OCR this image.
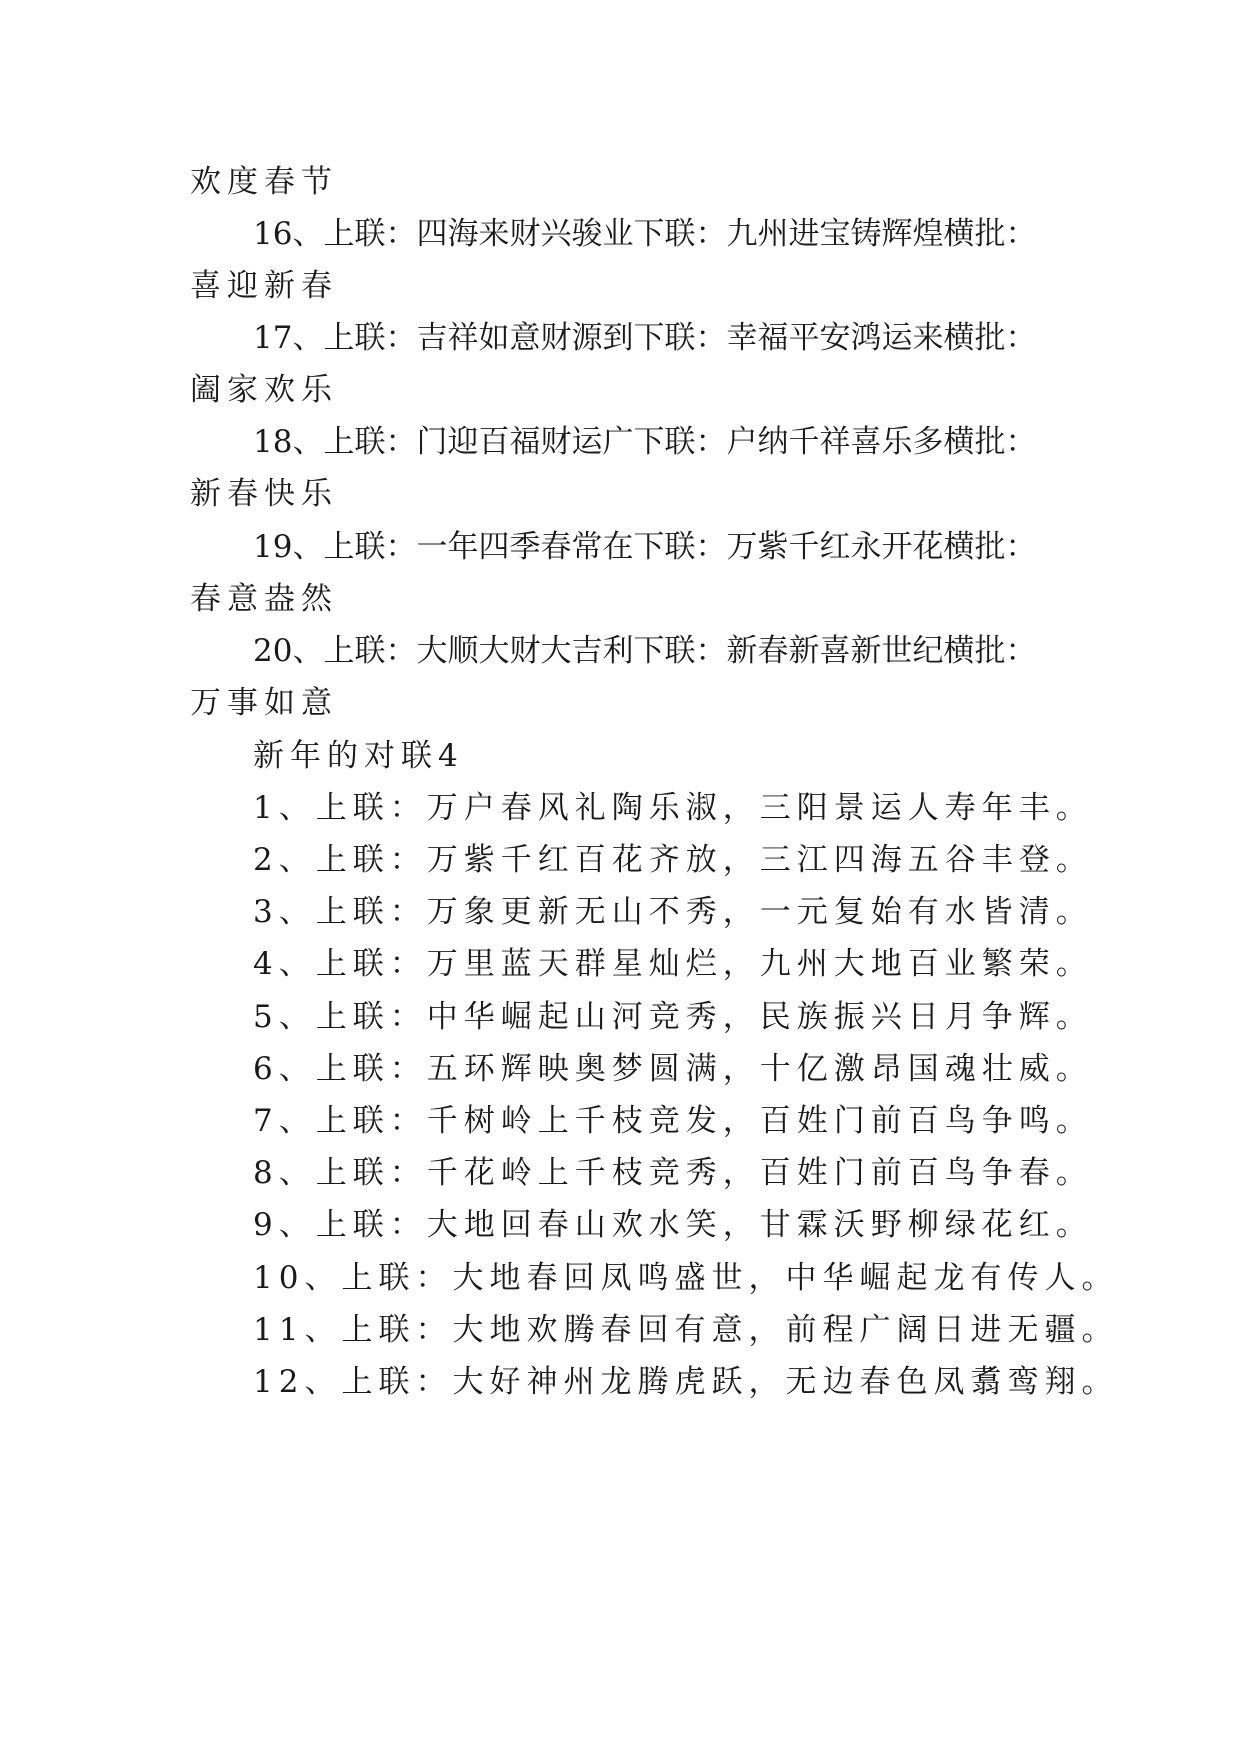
欢度春节
16、上联：四海来财兴骏业下联：九州进宝铸辉煌横批：
喜迎新春
17、上联：吉祥如意财源到下联：幸福平安鸿运来横批：
阖家欢乐
18、上联：门迎百福财运广下联：户纳千祥喜乐多横批：
新春快乐
19、上联：一年四季春常在下联：万紫千红永开花横批：
春意盎然
20、上联：大顺大财大吉利下联：新春新喜新世纪横批：
万事如意
新年的对联4
1、上联：万户春风礼陶乐淑，三阳景运人寿年丰。
2、上联：万紫千红百花齐放，三江四海五谷丰登。
3、上联：万象更新无山不秀，一元复始有水皆清。
4、上联：万里蓝天群星灿烂，九州大地百业繁荣。
5、上联：中华崛起山河竞秀，民族振兴日月争辉。
6、上联：五环辉映奥梦圆满，十亿激昂国魂壮威。
7、上联：千树岭上千枝竞发，百姓门前百鸟争鸣。
8、上联：千花岭上千枝竞秀，百姓门前百鸟争春。
9、上联：大地回春山欢水笑，甘霖沃野柳绿花红。
10、上联：大地春回凤鸣盛世，中华崛起龙有传人。
11、上联：大地欢腾春回有意，前程广阔日进无疆。
12、上联：大好神州龙腾虎跃，无边春色凤翥鸾翔。
